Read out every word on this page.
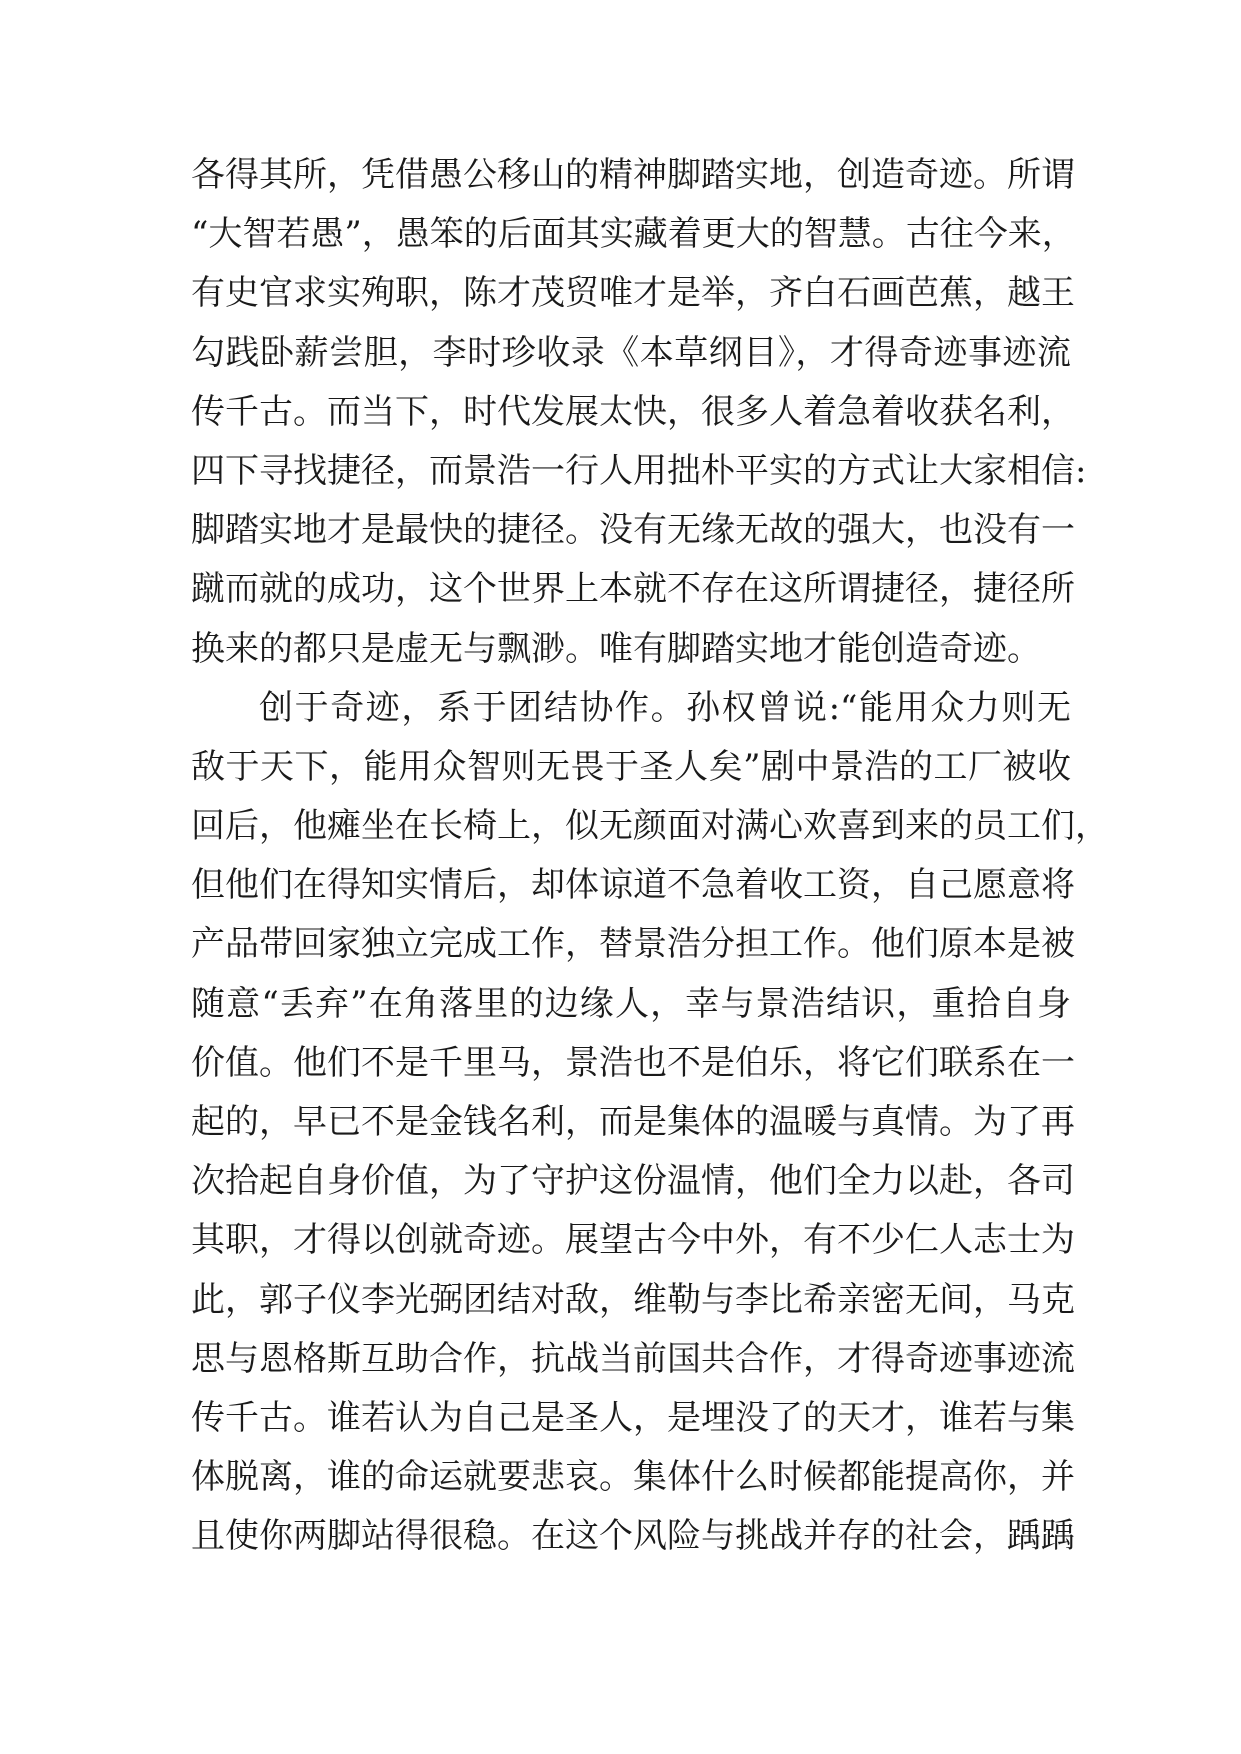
各得其所，凭借愚公移山的精神脚踏实地，创造奇迹。所谓
“大智若愚”，愚笨的后面其实藏着更大的智慧。古往今来，
有史官求实殉职，陈才茂贸唯才是举，齐白石画芭蕉，越王
勾践卧薪尝胆，李时珍收录《本草纲目》，才得奇迹事迹流
传千古。而当下，时代发展太快，很多人着急着收获名利，
四下寻找捷径，而景浩一行人用拙朴平实的方式让大家相信:
脚踏实地才是最快的捷径。没有无缘无故的强大，也没有一
蹴而就的成功，这个世界上本就不存在这所谓捷径，捷径所
换来的都只是虚无与飘渺。唯有脚踏实地才能创造奇迹。
创于奇迹，系于团结协作。孙权曾说:“能用众力则无
敌于天下，能用众智则无畏于圣人矣”剧中景浩的工厂被收
回后，他瘫坐在长椅上，似无颜面对满心欢喜到来的员工们，
但他们在得知实情后，却体谅道不急着收工资，自己愿意将
产品带回家独立完成工作，替景浩分担工作。他们原本是被
随意“丢弃”在角落里的边缘人，幸与景浩结识，重拾自身
价值。他们不是千里马，景浩也不是伯乐，将它们联系在一
起的，早已不是金钱名利，而是集体的温暖与真情。为了再
次拾起自身价值，为了守护这份温情，他们全力以赴，各司
其职，才得以创就奇迹。展望古今中外，有不少仁人志士为
此，郭子仪李光弼团结对敌，维勒与李比希亲密无间，马克
思与恩格斯互助合作，抗战当前国共合作，才得奇迹事迹流
传千古。谁若认为自己是圣人，是埋没了的天才，谁若与集
体脱离，谁的命运就要悲哀。集体什么时候都能提高你，并
且使你两脚站得很稳。在这个风险与挑战并存的社会，踽踽
